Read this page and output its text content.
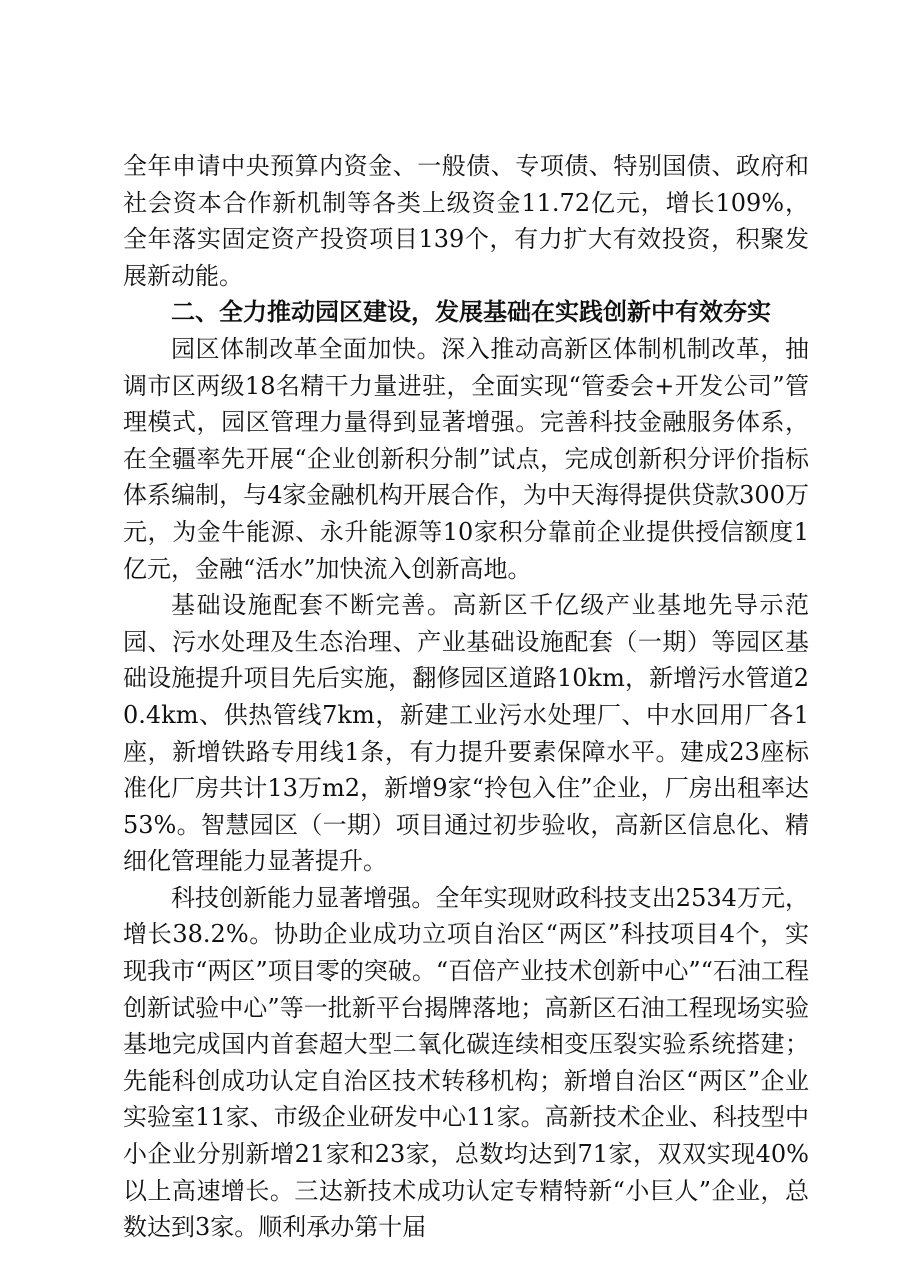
全年申请中央预算内资金、一般债、专项债、特别国债、政府和社会资本合作新机制等各类上级资金11.72亿元，增长109%，全年落实固定资产投资项目139个，有力扩大有效投资，积聚发展新动能。

二、全力推动园区建设，发展基础在实践创新中有效夯实

园区体制改革全面加快。深入推动高新区体制机制改革，抽调市区两级18名精干力量进驻，全面实现“管委会+开发公司”管理模式，园区管理力量得到显著增强。完善科技金融服务体系，在全疆率先开展“企业创新积分制”试点，完成创新积分评价指标体系编制，与4家金融机构开展合作，为中天海得提供贷款300万元，为金牛能源、永升能源等10家积分靠前企业提供授信额度1亿元，金融“活水”加快流入创新高地。

基础设施配套不断完善。高新区千亿级产业基地先导示范园、污水处理及生态治理、产业基础设施配套（一期）等园区基础设施提升项目先后实施，翻修园区道路10km，新增污水管道20.4km、供热管线7km，新建工业污水处理厂、中水回用厂各1座，新增铁路专用线1条，有力提升要素保障水平。建成23座标准化厂房共计13万m2，新增9家“拎包入住”企业，厂房出租率达53%。智慧园区（一期）项目通过初步验收，高新区信息化、精细化管理能力显著提升。

科技创新能力显著增强。全年实现财政科技支出2534万元，增长38.2%。协助企业成功立项自治区“两区”科技项目4个，实现我市“两区”项目零的突破。“百倍产业技术创新中心”“石油工程创新试验中心”等一批新平台揭牌落地；高新区石油工程现场实验基地完成国内首套超大型二氧化碳连续相变压裂实验系统搭建；先能科创成功认定自治区技术转移机构；新增自治区“两区”企业实验室11家、市级企业研发中心11家。高新技术企业、科技型中小企业分别新增21家和23家，总数均达到71家，双双实现40%以上高速增长。三达新技术成功认定专精特新“小巨人”企业，总数达到3家。顺利承办第十届
